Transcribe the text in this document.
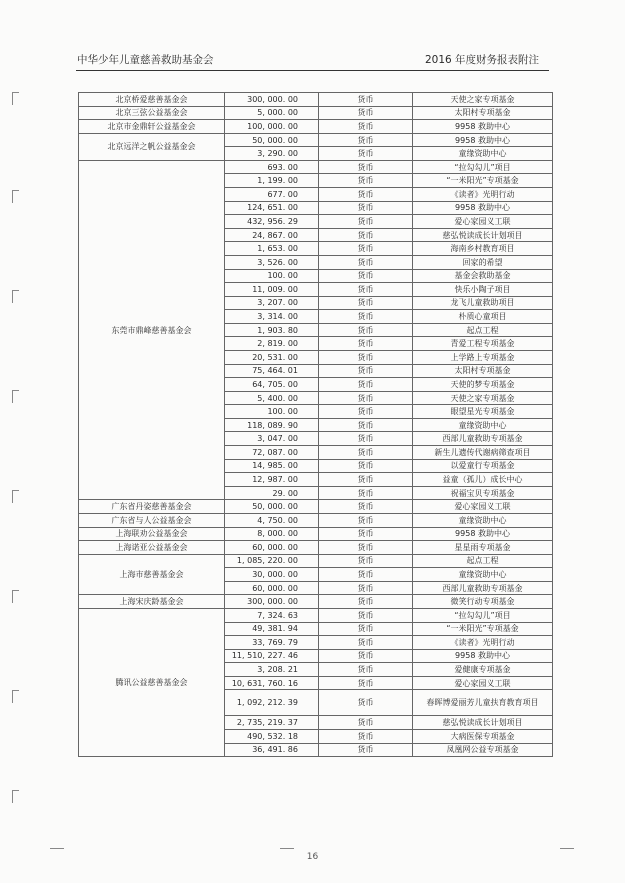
中华少年儿童慈善救助基金会	2016 年度财务报表附注
北京桥爱慈善基金会	300, 000. 00	货币	天使之家专项基金
北京三弦公益基金会	5, 000. 00	货币	太阳村专项基金
北京市金鼎轩公益基金会	100, 000. 00	货币	9958 救助中心
北京远洋之帆公益基金会	50, 000. 00	货币	9958 救助中心
	3, 290. 00	货币	童缘资助中心
东莞市鼎峰慈善基金会	693. 00	货币	“拉勾勾儿”项目
	1, 199. 00	货币	“一米阳光”专项基金
	677. 00	货币	《读者》光明行动
	124, 651. 00	货币	9958 救助中心
	432, 956. 29	货币	爱心家园义工联
	24, 867. 00	货币	慈弘悦读成长计划项目
	1, 653. 00	货币	海南乡村教育项目
	3, 526. 00	货币	回家的希望
	100. 00	货币	基金会救助基金
	11, 009. 00	货币	快乐小陶子项目
	3, 207. 00	货币	龙飞儿童救助项目
	3, 314. 00	货币	朴质心童项目
	1, 903. 80	货币	起点工程
	2, 819. 00	货币	青爱工程专项基金
	20, 531. 00	货币	上学路上专项基金
	75, 464. 01	货币	太阳村专项基金
	64, 705. 00	货币	天使的梦专项基金
	5, 400. 00	货币	天使之家专项基金
	100. 00	货币	眼望星光专项基金
	118, 089. 90	货币	童缘资助中心
	3, 047. 00	货币	西部儿童救助专项基金
	72, 087. 00	货币	新生儿遗传代谢病筛查项目
	14, 985. 00	货币	以爱童行专项基金
	12, 987. 00	货币	益童（孤儿）成长中心
	29. 00	货币	祝福宝贝专项基金
广东省丹姿慈善基金会	50, 000. 00	货币	爱心家园义工联
广东省与人公益基金会	4, 750. 00	货币	童缘资助中心
上海联劝公益基金会	8, 000. 00	货币	9958 救助中心
上海诺亚公益基金会	60, 000. 00	货币	星星雨专项基金
上海市慈善基金会	1, 085, 220. 00	货币	起点工程
	30, 000. 00	货币	童缘资助中心
	60, 000. 00	货币	西部儿童救助专项基金
上海宋庆龄基金会	300, 000. 00	货币	微笑行动专项基金
腾讯公益慈善基金会	7, 324. 63	货币	“拉勾勾儿”项目
	49, 381. 94	货币	“一米阳光”专项基金
	33, 769. 79	货币	《读者》光明行动
	11, 510, 227. 46	货币	9958 救助中心
	3, 208. 21	货币	爱健康专项基金
	10, 631, 760. 16	货币	爱心家园义工联
	1, 092, 212. 39	货币	春晖博爱丽芳儿童扶育教育项目
	2, 735, 219. 37	货币	慈弘悦读成长计划项目
	490, 532. 18	货币	大病医保专项基金
	36, 491. 86	货币	凤凰网公益专项基金
16
